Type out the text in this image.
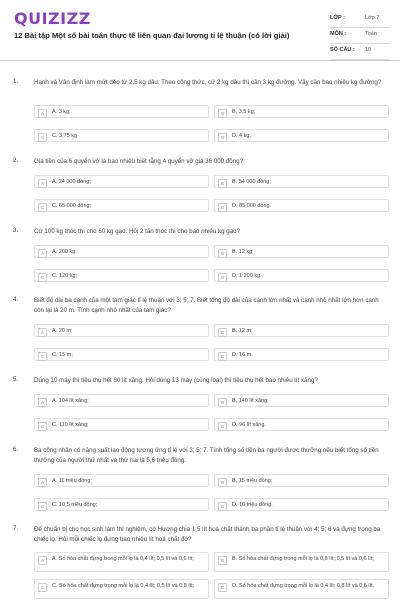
QUIZIZZ
12 Bài tập Một số bài toán thực tế liên quan đại lượng tỉ lệ thuận (có lời giải)
LỚP :	Lớp 7
MÔN :	Toán
SỐ CÂU : 10
1.	Hạnh và Vân định làm mứt dẻo từ 2,5 kg dâu. Theo công thức, cứ 2 kg dâu thì cần 3 kg đường. Vậy cần bao nhiêu kg đường?
A	A. 3 kg;	B	B. 3,5 kg;
C	C. 3,75 kg	D	D. 4 kg.
2.	Giá tiền của 6 quyển vở là bao nhiêu biết rằng 4 quyển vở giá 36 000 đồng?
A	A. 24 000 đồng;	B	B. 54 000 đồng;
C	C. 65 000 đồng;	D	D. 85 000 đồng.
3.	Cứ 100 kg thóc thì cho 60 kg gạo. Hỏi 2 tấn thóc thì cho bao nhiêu kg gạo?
A	A. 200 kg;	B	B. 12 kg;
C	C. 120 kg;	D	D. 1 200 kg.
4.	Biết độ dài ba cạnh của một tam giác tỉ lệ thuận với 3; 5; 7. Biết tổng độ dài của cạnh lớn nhất và cạnh nhỏ nhất lớn hơn cạnh còn lại là 20 m. Tính cạnh nhỏ nhất của tam giác?
A	A. 20 m;	B	B. 12 m;
C	C. 15 m;	D	D. 16 m.
5.	Dùng 10 máy thì tiêu thụ hết 80 lít xăng. Hỏi dùng 13 máy (cùng loại) thì tiêu thụ hết bao nhiêu lít xăng?
A	A. 104 lít xăng;	B	B. 140 lít xăng;
C	C. 110 lít xăng;	D	D. 96 lít xăng.
6.	Ba công nhân có năng suất lao động tương ứng tỉ lệ với 3; 5; 7. Tính tổng số tiền ba người được thưởng nếu biết tổng số tiền thưởng của người thứ nhất và thứ hai là 5,6 triệu đồng.
A	A. 11 triệu đồng;	B	B. 15 triệu đồng;
C	C. 10,5 triệu đồng;	D	D. 10 triệu đồng.
7.	Để chuẩn bị cho học sinh làm thí nghiệm, cô Hương chia 1,5 lít hoá chất thành ba phần tỉ lệ thuận với 4; 5; 6 và đựng trong ba chiếc lọ. Hỏi mỗi chiếc lọ đựng bao nhiêu lít hoá chất đó?
A	A. Số hóa chất đựng trong mỗi lọ là 0,4 lít; 0,5 lít và 0,6 lít;	B	B. Số hóa chất đựng trong mỗi lọ là 0,8 lít; 0,5 lít và 0,6 lít;
C	C. Số hóa chất đựng trong mỗi lọ là 0,4 lít; 0,5 lít và 0,8 lít;	D	D. Số hóa chất đựng trong mỗi lọ là 0,4 lít; 0,8 lít và 0,6 lít.
